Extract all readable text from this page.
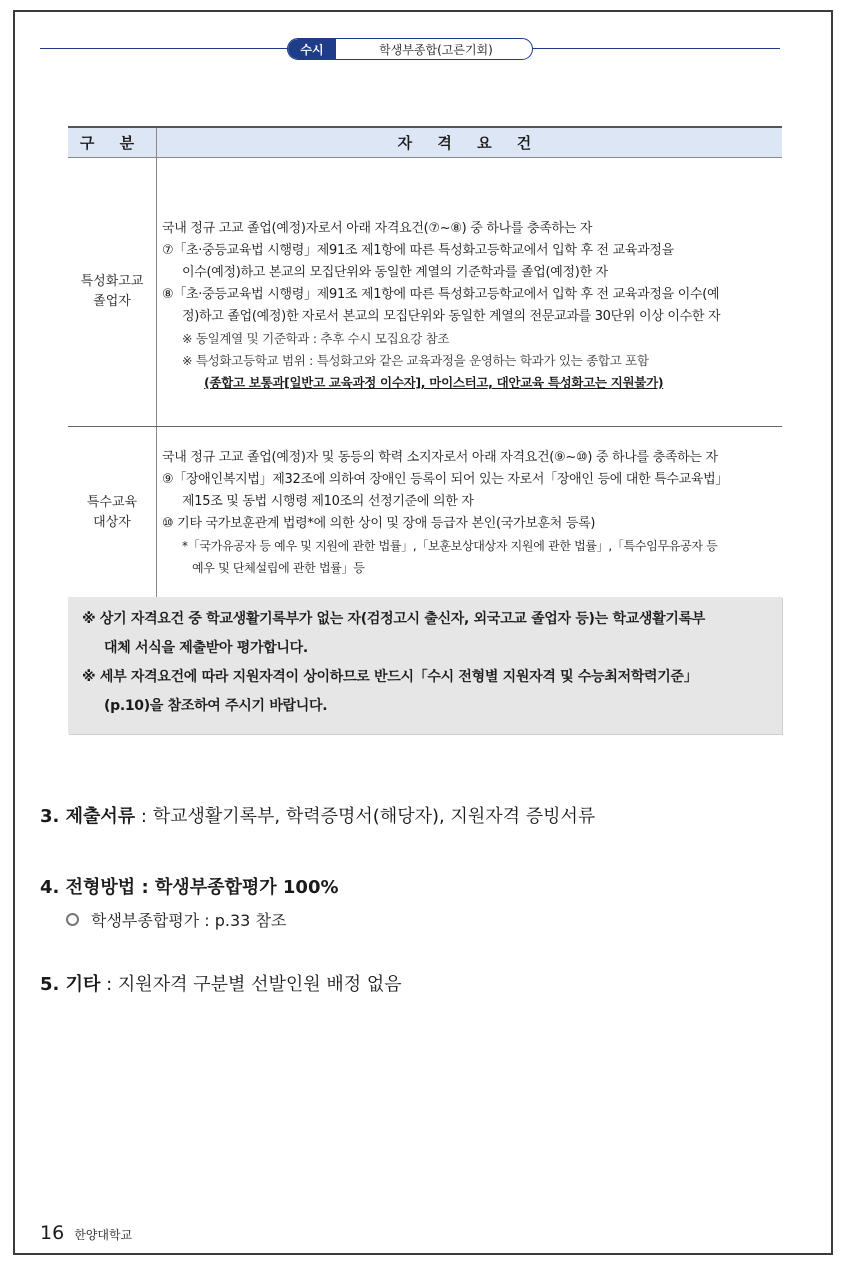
수시	학생부종합(고른기회)
구 분	자 격 요 건
특성화고교
졸업자
국내 정규 고교 졸업(예정)자로서 아래 자격요건(⑦~⑧) 중 하나를 충족하는 자
⑦「초·중등교육법 시행령」제91조 제1항에 따른 특성화고등학교에서 입학 후 전 교육과정을
이수(예정)하고 본교의 모집단위와 동일한 계열의 기준학과를 졸업(예정)한 자
⑧「초·중등교육법 시행령」제91조 제1항에 따른 특성화고등학교에서 입학 후 전 교육과정을 이수(예
정)하고 졸업(예정)한 자로서 본교의 모집단위와 동일한 계열의 전문교과를 30단위 이상 이수한 자
※ 동일계열 및 기준학과 : 추후 수시 모집요강 참조
※ 특성화고등학교 범위 : 특성화고와 같은 교육과정을 운영하는 학과가 있는 종합고 포함
(종합고 보통과[일반고 교육과정 이수자], 마이스터고, 대안교육 특성화고는 지원불가)
특수교육
대상자
국내 정규 고교 졸업(예정)자 및 동등의 학력 소지자로서 아래 자격요건(⑨~⑩) 중 하나를 충족하는 자
⑨「장애인복지법」제32조에 의하여 장애인 등록이 되어 있는 자로서「장애인 등에 대한 특수교육법」
제15조 및 동법 시행령 제10조의 선정기준에 의한 자
⑩ 기타 국가보훈관계 법령*에 의한 상이 및 장애 등급자 본인(국가보훈처 등록)
*「국가유공자 등 예우 및 지원에 관한 법률」,「보훈보상대상자 지원에 관한 법률」,「특수임무유공자 등
예우 및 단체설립에 관한 법률」등
※ 상기 자격요건 중 학교생활기록부가 없는 자(검정고시 출신자, 외국고교 졸업자 등)는 학교생활기록부
대체 서식을 제출받아 평가합니다.
※ 세부 자격요건에 따라 지원자격이 상이하므로 반드시「수시 전형별 지원자격 및 수능최저학력기준」
(p.10)을 참조하여 주시기 바랍니다.
3. 제출서류 : 학교생활기록부, 학력증명서(해당자), 지원자격 증빙서류
4. 전형방법 : 학생부종합평가 100%
학생부종합평가 : p.33 참조
5. 기타 : 지원자격 구분별 선발인원 배정 없음
16 한양대학교
